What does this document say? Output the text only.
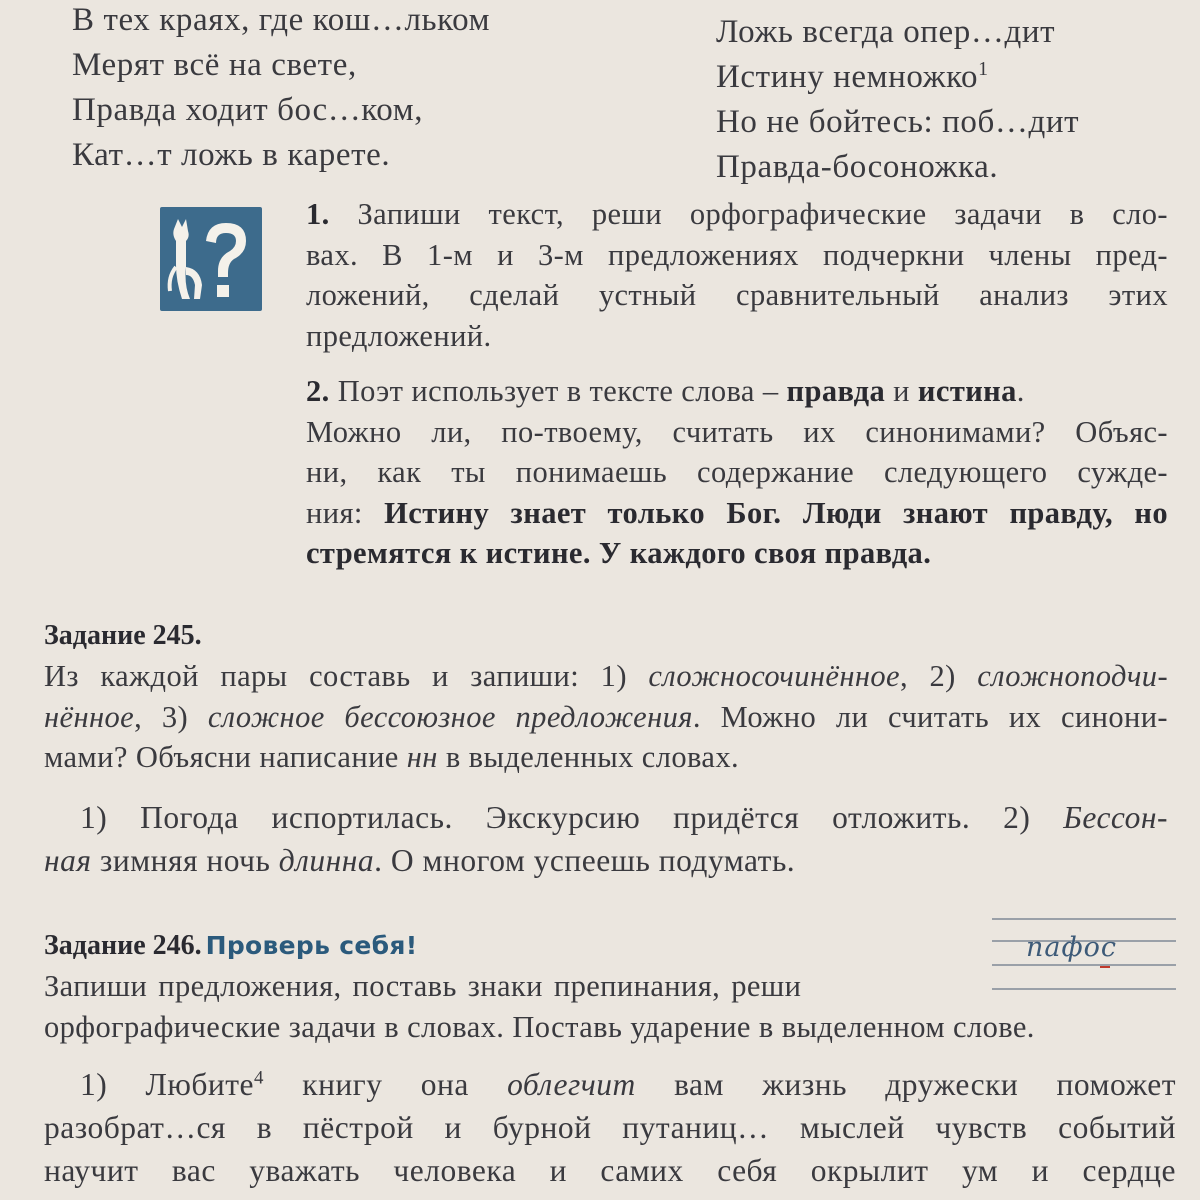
В тех краях, где кош…льком
Мерят всё на свете,
Правда ходит бос…ком,
Кат…т ложь в карете.
Ложь всегда опер…дит
Истину немножко$^1$
Но не бойтесь: поб…дит
Правда-босоножка.
1. Запиши текст, реши орфографические задачи в сло-
вах. В 1-м и 3-м предложениях подчеркни члены пред-
ложений, сделай устный сравнительный анализ этих
предложений.
2. Поэт использует в тексте слова – правда и истина.
Можно ли, по-твоему, считать их синонимами? Объяс-
ни, как ты понимаешь содержание следующего сужде-
ния: Истину знает только Бог. Люди знают правду, но
стремятся к истине. У каждого своя правда.
Задание 245.
Из каждой пары составь и запиши: 1) сложносочинённое, 2) сложноподчи-
нённое, 3) сложное бессоюзное предложения. Можно ли считать их синони-
мами? Объясни написание нн в выделенных словах.
1) Погода испортилась. Экскурсию придётся отложить. 2) Бессон-
ная зимняя ночь длинна. О многом успеешь подумать.
Задание 246. Проверь себя!
Запиши предложения, поставь знаки препинания, реши
орфографические задачи в словах. Поставь ударение в выделенном слове.
пафос
1) Любите$^4$ книгу она облегчит вам жизнь дружески поможет
разобрат…ся в пёстрой и бурной путаниц… мыслей чувств событий
научит вас уважать человека и самих себя окрылит ум и сердце
